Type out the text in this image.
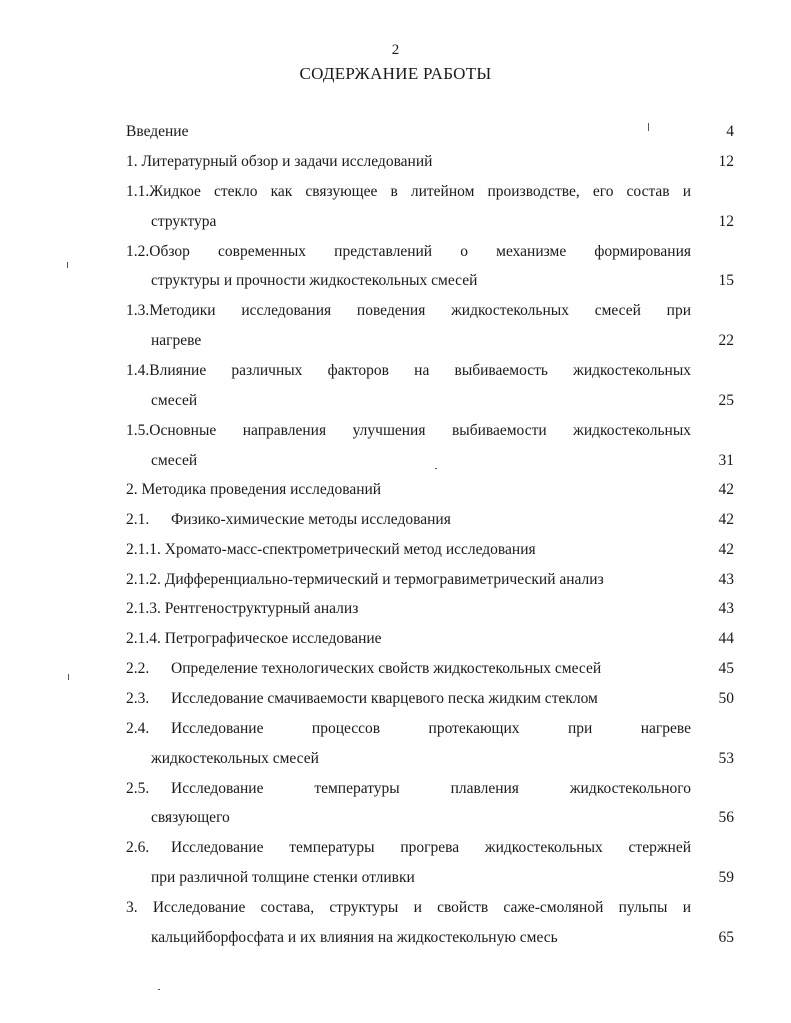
2
СОДЕРЖАНИЕ РАБОТЫ
Введение	4
1. Литературный обзор и задачи исследований	12
1.1.Жидкое стекло как связующее в литейном производстве, его состав и
структура	12
1.2.Обзор современных представлений о механизме формирования
структуры и прочности жидкостекольных смесей	15
1.3.Методики исследования поведения жидкостекольных смесей при
нагреве	22
1.4.Влияние различных факторов на выбиваемость жидкостекольных
смесей	25
1.5.Основные направления улучшения выбиваемости жидкостекольных
смесей	31
2. Методика проведения исследований	42
2.1. Физико-химические методы исследования	42
2.1.1. Хромато-масс-спектрометрический метод исследования	42
2.1.2. Дифференциально-термический и термогравиметрический анализ	43
2.1.3. Рентгеноструктурный анализ	43
2.1.4. Петрографическое исследование	44
2.2. Определение технологических свойств жидкостекольных смесей	45
2.3. Исследование смачиваемости кварцевого песка жидким стеклом	50
2.4.	Исследование процессов протекающих при нагреве
жидкостекольных смесей	53
2.5.	Исследование температуры плавления жидкостекольного
связующего	56
2.6.	Исследование температуры прогрева жидкостекольных стержней
при различной толщине стенки отливки	59
3. Исследование состава, структуры и свойств саже-смоляной пульпы и
кальцийборфосфата и их влияния на жидкостекольную смесь	65
